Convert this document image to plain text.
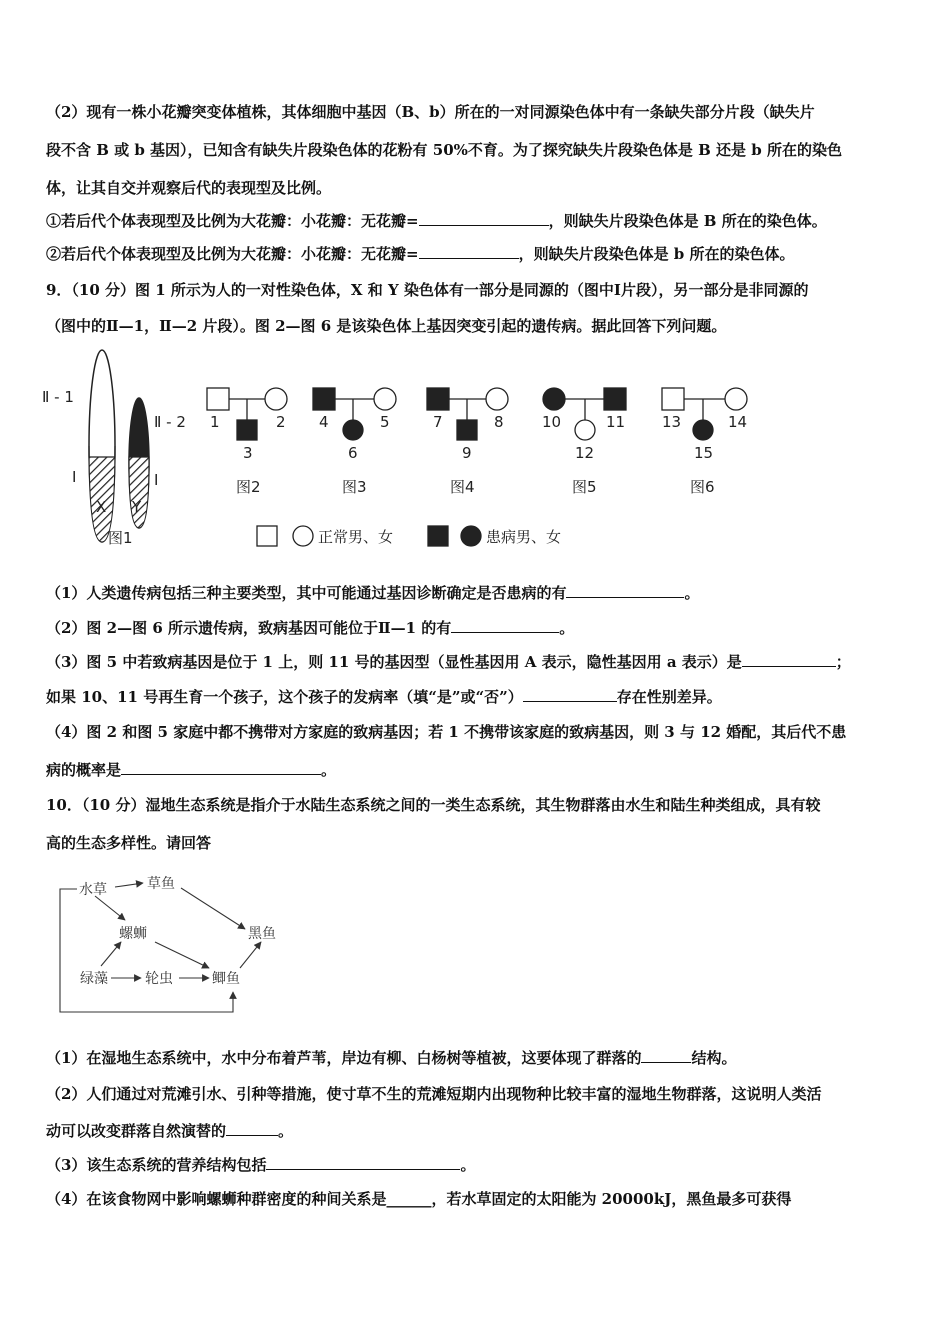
（2）现有一株小花瓣突变体植株，其体细胞中基因（B、b）所在的一对同源染色体中有一条缺失部分片段（缺失片
段不含 B 或 b 基因），已知含有缺失片段染色体的花粉有 50%不育。为了探究缺失片段染色体是 B 还是 b 所在的染色
体，让其自交并观察后代的表现型及比例。
①若后代个体表现型及比例为大花瓣：小花瓣：无花瓣=	，则缺失片段染色体是 B 所在的染色体。
②若后代个体表现型及比例为大花瓣：小花瓣：无花瓣=	，则缺失片段染色体是 b 所在的染色体。
9．（10 分）图 1 所示为人的一对性染色体，X 和 Y 染色体有一部分是同源的（图中Ⅰ片段），另一部分是非同源的
（图中的Ⅱ—1，Ⅱ—2 片段）。图 2—图 6 是该染色体上基因突变引起的遗传病。据此回答下列问题。
Ⅱ - 1
Ⅰ
Ⅱ - 2
Ⅰ
X Y
图1
1	2
3
4	5
6
7	8
9
10	11
12
13	14
15
图2	图3	图4	图5	图6
正常男、女	患病男、女
（1）人类遗传病包括三种主要类型，其中可能通过基因诊断确定是否患病的有	。
（2）图 2—图 6 所示遗传病，致病基因可能位于Ⅱ—1 的有	。
（3）图 5 中若致病基因是位于 1 上，则 11 号的基因型（显性基因用 A 表示，隐性基因用 a 表示）是	；
如果 10、11 号再生育一个孩子，这个孩子的发病率（填“是”或“否”）	存在性别差异。
（4）图 2 和图 5 家庭中都不携带对方家庭的致病基因；若 1 不携带该家庭的致病基因，则 3 与 12 婚配，其后代不患
病的概率是	。
10．（10 分）湿地生态系统是指介于水陆生态系统之间的一类生态系统，其生物群落由水生和陆生种类组成，具有较
高的生态多样性。请回答
水草	草鱼
螺蛳	黑鱼
绿藻	轮虫	鲫鱼
（1）在湿地生态系统中，水中分布着芦苇，岸边有柳、白杨树等植被，这要体现了群落的	结构。
（2）人们通过对荒滩引水、引种等措施，使寸草不生的荒滩短期内出现物种比较丰富的湿地生物群落，这说明人类活
动可以改变群落自然演替的	。
（3）该生态系统的营养结构包括	。
（4）在该食物网中影响螺蛳种群密度的种间关系是______，若水草固定的太阳能为 20000kJ，黑鱼最多可获得
